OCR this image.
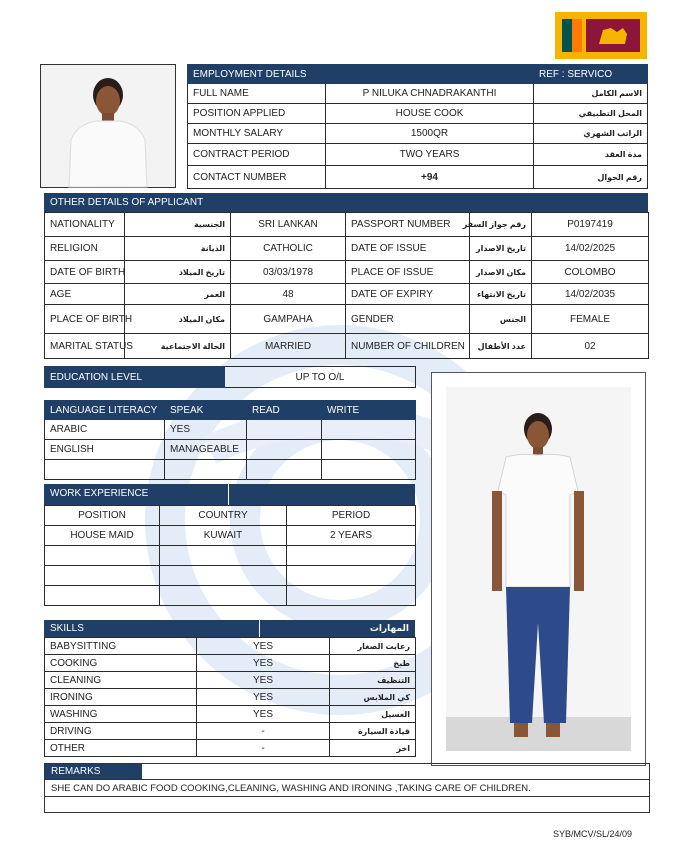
EMPLOYMENT DETAILS		REF : SERVICO
FULL NAME	P NILUKA CHNADRAKANTHI	الاسم الكامل
POSITION APPLIED	HOUSE COOK	المحل التطبيقي
MONTHLY SALARY	1500QR	الراتب الشهري
CONTRACT PERIOD	TWO YEARS	مدة العقد
CONTACT NUMBER	+94	رقم الجوال
OTHER DETAILS OF APPLICANT
NATIONALITY	الجنسية	SRI LANKAN	PASSPORT NUMBER	رقم جواز السفر	P0197419
RELIGION	الديانة	CATHOLIC	DATE OF ISSUE	تاريخ الاصدار	14/02/2025
DATE OF BIRTH	تاريخ الميلاد	03/03/1978	PLACE OF ISSUE	مكان الاصدار	COLOMBO
AGE	العمر	48	DATE OF EXPIRY	تاريخ الانتهاء	14/02/2035
PLACE OF BIRTH	مكان الميلاد	GAMPAHA	GENDER	الجنس	FEMALE
MARITAL STATUS	الحالة الاجتماعية	MARRIED	NUMBER OF CHILDREN	عدد الأطفال	02
EDUCATION LEVEL	UP TO O/L
LANGUAGE LITERACY	SPEAK	READ	WRITE
ARABIC	YES		
ENGLISH	MANAGEABLE		

WORK EXPERIENCE
POSITION	COUNTRY	PERIOD
HOUSE MAID	KUWAIT	2 YEARS

SKILLS	المهارات
BABYSITTING	YES	رعايت الصغار
COOKING	YES	طبخ
CLEANING	YES	التنظيف
IRONING	YES	كي الملابس
WASHING	YES	الغسيل
DRIVING	-	قيادة السيارة
OTHER	-	اخر
REMARKS
SHE CAN DO ARABIC FOOD COOKING,CLEANING, WASHING AND IRONING ,TAKING CARE OF CHILDREN.
SYB/MCV/SL/24/09
